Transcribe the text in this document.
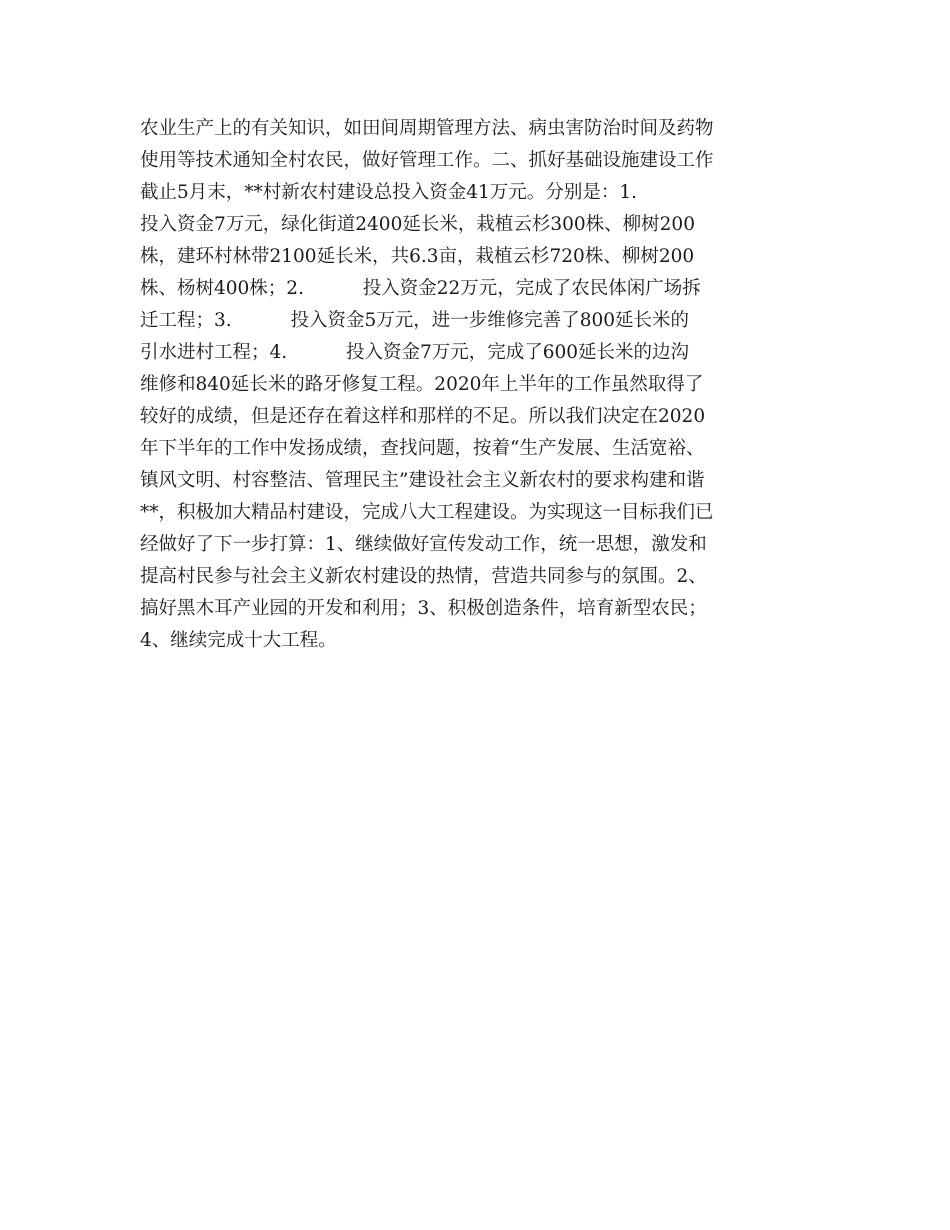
农业生产上的有关知识，如田间周期管理方法、病虫害防治时间及药物
使用等技术通知全村农民，做好管理工作。二、抓好基础设施建设工作
截止5月末，**村新农村建设总投入资金41万元。分别是：1.
投入资金7万元，绿化街道2400延长米，栽植云杉300株、柳树200
株，建环村林带2100延长米，共6.3亩，栽植云杉720株、柳树200
株、杨树400株；2.          投入资金22万元，完成了农民体闲广场拆
迁工程；3.          投入资金5万元，进一步维修完善了800延长米的
引水进村工程；4.          投入资金7万元，完成了600延长米的边沟
维修和840延长米的路牙修复工程。2020年上半年的工作虽然取得了
较好的成绩，但是还存在着这样和那样的不足。所以我们决定在2020
年下半年的工作中发扬成绩，查找问题，按着“生产发展、生活宽裕、
镇风文明、村容整洁、管理民主”建设社会主义新农村的要求构建和谐
**，积极加大精品村建设，完成八大工程建设。为实现这一目标我们已
经做好了下一步打算：1、继续做好宣传发动工作，统一思想，激发和
提高村民参与社会主义新农村建设的热情，营造共同参与的氛围。2、
搞好黑木耳产业园的开发和利用；3、积极创造条件，培育新型农民；
4、继续完成十大工程。
